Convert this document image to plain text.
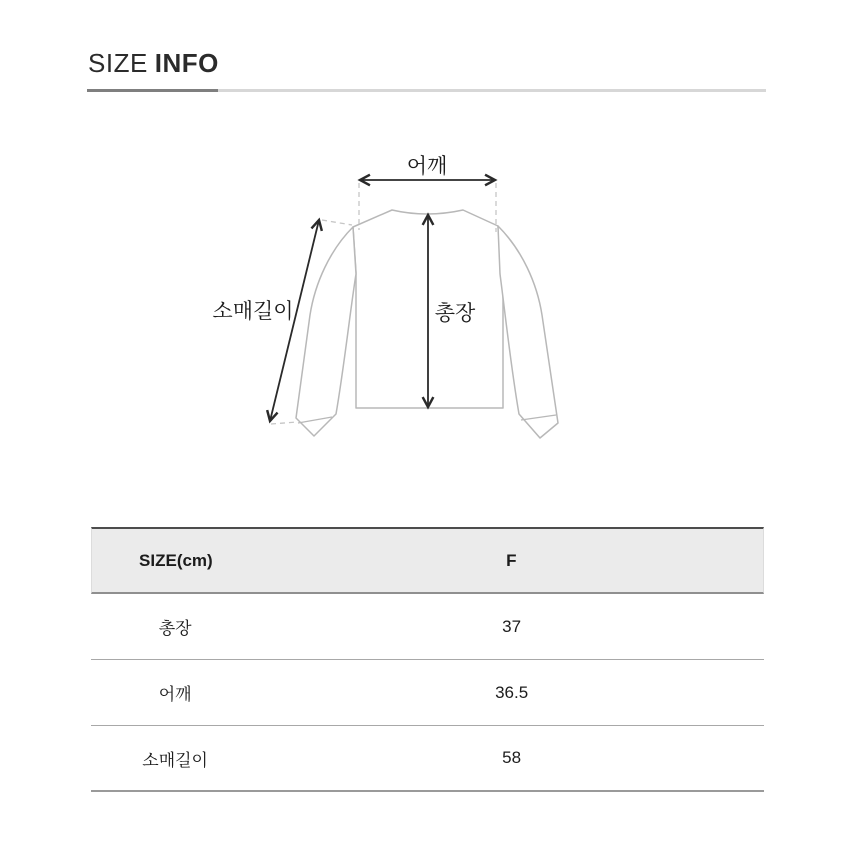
SIZE INFO
어깨
총장
소매길이
SIZE(cm)	F
총장	37
어깨	36.5
소매길이	58
